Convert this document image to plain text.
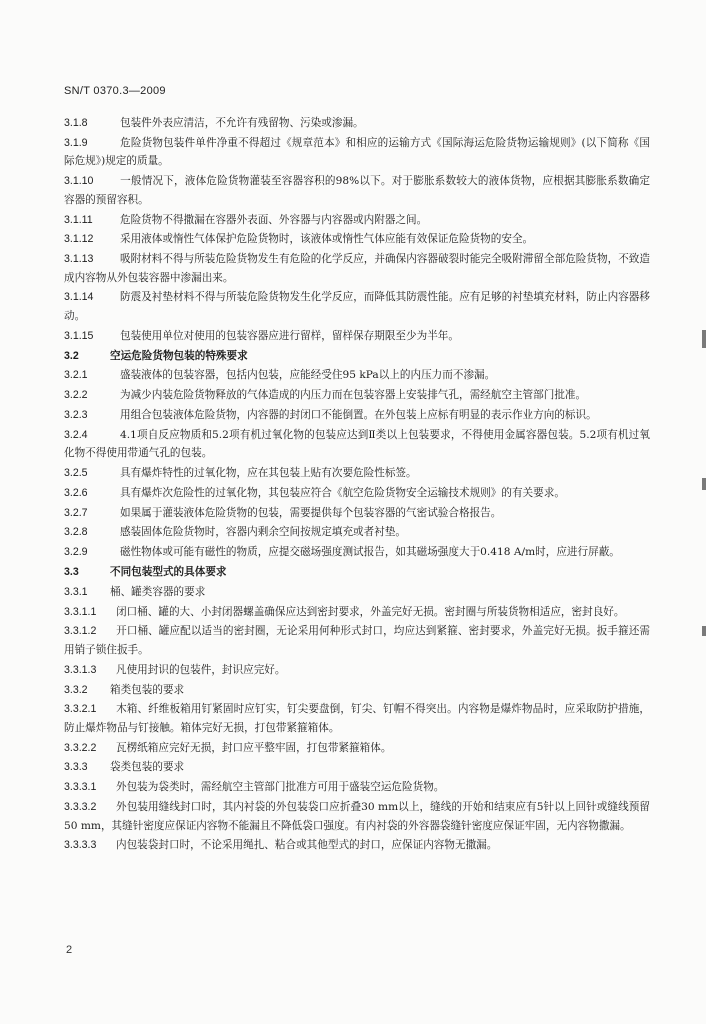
SN/T 0370.3—2009
3.1.8	包装件外表应清洁，不允许有残留物、污染或渗漏。
3.1.9	危险货物包装件单件净重不得超过《规章范本》和相应的运输方式《国际海运危险货物运输规则》(以下简称《国际危规》)规定的质量。
3.1.10	一般情况下，液体危险货物灌装至容器容积的98%以下。对于膨胀系数较大的液体货物，应根据其膨胀系数确定容器的预留容积。
3.1.11	危险货物不得撒漏在容器外表面、外容器与内容器或内附器之间。
3.1.12	采用液体或惰性气体保护危险货物时，该液体或惰性气体应能有效保证危险货物的安全。
3.1.13	吸附材料不得与所装危险货物发生有危险的化学反应，并确保内容器破裂时能完全吸附滞留全部危险货物，不致造成内容物从外包装容器中渗漏出来。
3.1.14	防震及衬垫材料不得与所装危险货物发生化学反应，而降低其防震性能。应有足够的衬垫填充材料，防止内容器移动。
3.1.15	包装使用单位对使用的包装容器应进行留样，留样保存期限至少为半年。
3.2	空运危险货物包装的特殊要求
3.2.1	盛装液体的包装容器，包括内包装，应能经受住95 kPa以上的内压力而不渗漏。
3.2.2	为减少内装危险货物释放的气体造成的内压力而在包装容器上安装排气孔，需经航空主管部门批准。
3.2.3	用组合包装液体危险货物，内容器的封闭口不能倒置。在外包装上应标有明显的表示作业方向的标识。
3.2.4	4.1项自反应物质和5.2项有机过氧化物的包装应达到Ⅱ类以上包装要求，不得使用金属容器包装。5.2项有机过氧化物不得使用带通气孔的包装。
3.2.5	具有爆炸特性的过氧化物，应在其包装上贴有次要危险性标签。
3.2.6	具有爆炸次危险性的过氧化物，其包装应符合《航空危险货物安全运输技术规则》的有关要求。
3.2.7	如果属于灌装液体危险货物的包装，需要提供每个包装容器的气密试验合格报告。
3.2.8	感装固体危险货物时，容器内剩余空间按规定填充或者衬垫。
3.2.9	磁性物体或可能有磁性的物质，应提交磁场强度测试报告，如其磁场强度大于0.418 A/m时，应进行屏蔽。
3.3	不同包装型式的具体要求
3.3.1 桶、罐类容器的要求
3.3.1.1 闭口桶、罐的大、小封闭器螺盖确保应达到密封要求，外盖完好无损。密封圈与所装货物相适应，密封良好。
3.3.1.2 开口桶、罐应配以适当的密封圈，无论采用何种形式封口，均应达到紧箍、密封要求，外盖完好无损。扳手箍还需用销子锁住扳手。
3.3.1.3 凡使用封识的包装件，封识应完好。
3.3.2 箱类包装的要求
3.3.2.1 木箱、纤维板箱用钉紧固时应钉实，钉尖要盘倒，钉尖、钉帽不得突出。内容物是爆炸物品时，应采取防护措施，防止爆炸物品与钉接触。箱体完好无损，打包带紧箍箱体。
3.3.2.2 瓦楞纸箱应完好无损，封口应平整牢固，打包带紧箍箱体。
3.3.3 袋类包装的要求
3.3.3.1 外包装为袋类时，需经航空主管部门批准方可用于盛装空运危险货物。
3.3.3.2 外包装用缝线封口时，其内衬袋的外包装袋口应折叠30 mm以上，缝线的开始和结束应有5针以上回针或缝线预留50 mm，其缝针密度应保证内容物不能漏且不降低袋口强度。有内衬袋的外容器袋缝针密度应保证牢固，无内容物撒漏。
3.3.3.3 内包装袋封口时，不论采用绳扎、粘合或其他型式的封口，应保证内容物无撒漏。
2
